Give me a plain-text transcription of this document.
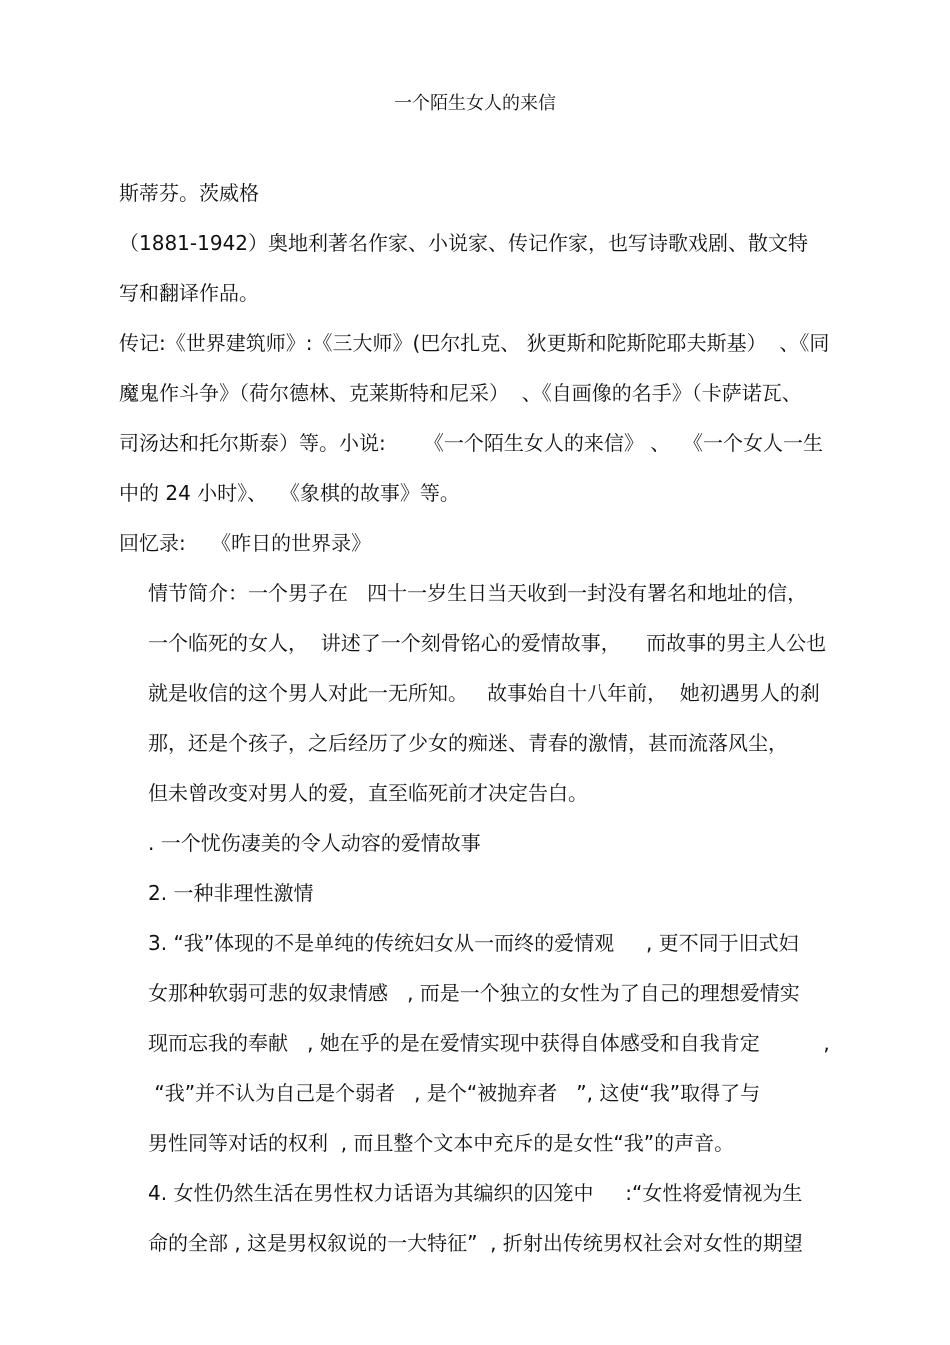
一个陌生女人的来信
斯蒂芬。茨威格
（1881-1942）奥地利著名作家、小说家、传记作家，也写诗歌戏剧、散文特
写和翻译作品。
传记:《世界建筑师》:《三大师》(巴尔扎克、 狄更斯和陀斯陀耶夫斯基）  、《同
魔鬼作斗争》（荷尔德林、克莱斯特和尼采）  、《自画像的名手》（卡萨诺瓦、
司汤达和托尔斯泰）等。小说:      《一个陌生女人的来信》 、  《一个女人一生
中的 24 小时》、  《象棋的故事》等。
回忆录:    《昨日的世界录》
情节简介：一个男子在   四十一岁生日当天收到一封没有署名和地址的信，
一个临死的女人，  讲述了一个刻骨铭心的爱情故事，    而故事的男主人公也
就是收信的这个男人对此一无所知。   故事始自十八年前，  她初遇男人的刹
那，还是个孩子，之后经历了少女的痴迷、青春的激情，甚而流落风尘，
但未曾改变对男人的爱，直至临死前才决定告白。
. 一个忧伤凄美的令人动容的爱情故事
2. 一种非理性激情
3. “我”体现的不是单纯的传统妇女从一而终的爱情观     , 更不同于旧式妇
女那种软弱可悲的奴隶情感   , 而是一个独立的女性为了自己的理想爱情实
现而忘我的奉献   , 她在乎的是在爱情实现中获得自体感受和自我肯定          ,
“我”并不认为自己是个弱者   , 是个“被抛弃者   ”, 这使“我”取得了与
男性同等对话的权利  , 而且整个文本中充斥的是女性“我”的声音。
4. 女性仍然生活在男性权力话语为其编织的囚笼中     :“女性将爱情视为生
命的全部 , 这是男权叙说的一大特征”  , 折射出传统男权社会对女性的期望
